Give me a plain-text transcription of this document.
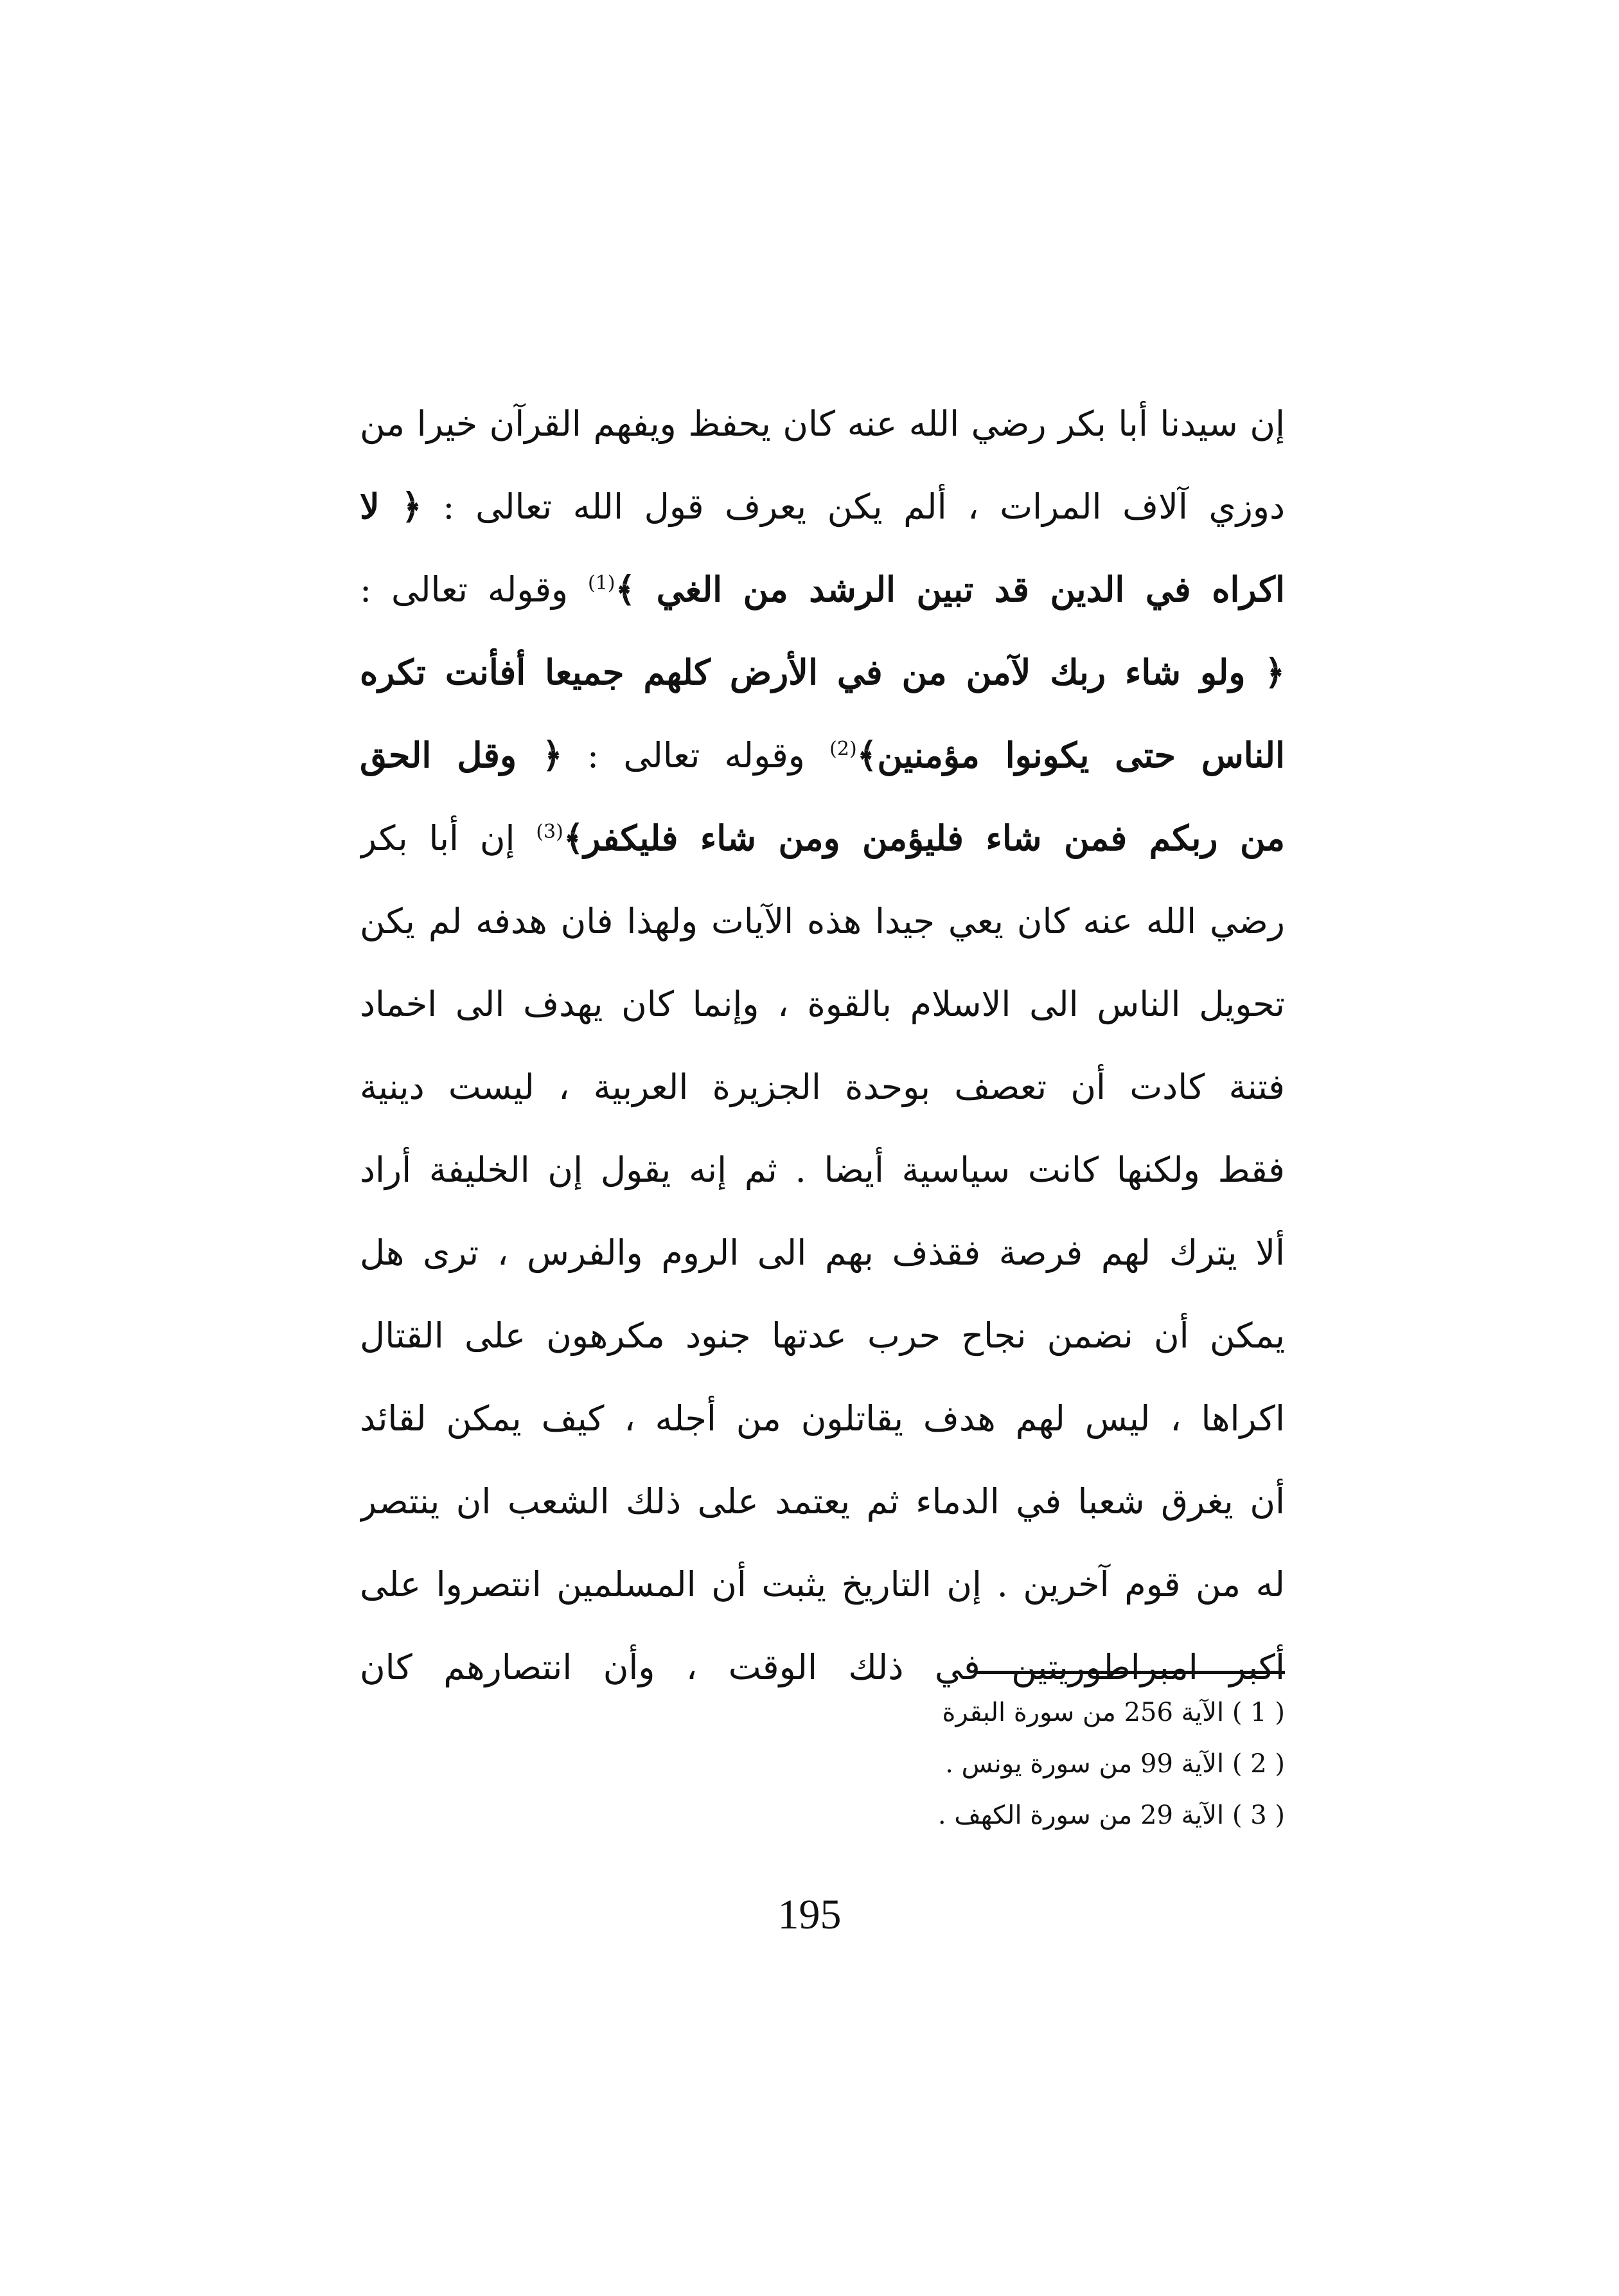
إن سيدنا أبا بكر رضي الله عنه كان يحفظ ويفهم القرآن خيرا من
دوزي آلاف المرات ، ألم يكن يعرف قول الله تعالى : ﴿ لا
اكراه في الدين قد تبين الرشد من الغي ﴾$^{(1)}$ وقوله تعالى :
﴿ ولو شاء ربك لآمن من في الأرض كلهم جميعا أفأنت تكره
الناس حتى يكونوا مؤمنين﴾$^{(2)}$ وقوله تعالى : ﴿ وقل الحق
من ربكم فمن شاء فليؤمن ومن شاء فليكفر﴾$^{(3)}$ إن أبا بكر
رضي الله عنه كان يعي جيدا هذه الآيات ولهذا فان هدفه لم يكن
تحويل الناس الى الاسلام بالقوة ، وإنما كان يهدف الى اخماد
فتنة كادت أن تعصف بوحدة الجزيرة العربية ، ليست دينية
فقط ولكنها كانت سياسية أيضا . ثم إنه يقول إن الخليفة أراد
ألا يترك لهم فرصة فقذف بهم الى الروم والفرس ، ترى هل
يمكن أن نضمن نجاح حرب عدتها جنود مكرهون على القتال
اكراها ، ليس لهم هدف يقاتلون من أجله ، كيف يمكن لقائد
أن يغرق شعبا في الدماء ثم يعتمد على ذلك الشعب ان ينتصر
له من قوم آخرين . إن التاريخ يثبت أن المسلمين انتصروا على
أكبر امبراطوريتين في ذلك الوقت ، وأن انتصارهم كان
( 1 ) الآية 256 من سورة البقرة
( 2 ) الآية 99 من سورة يونس .
( 3 ) الآية 29 من سورة الكهف .
195
